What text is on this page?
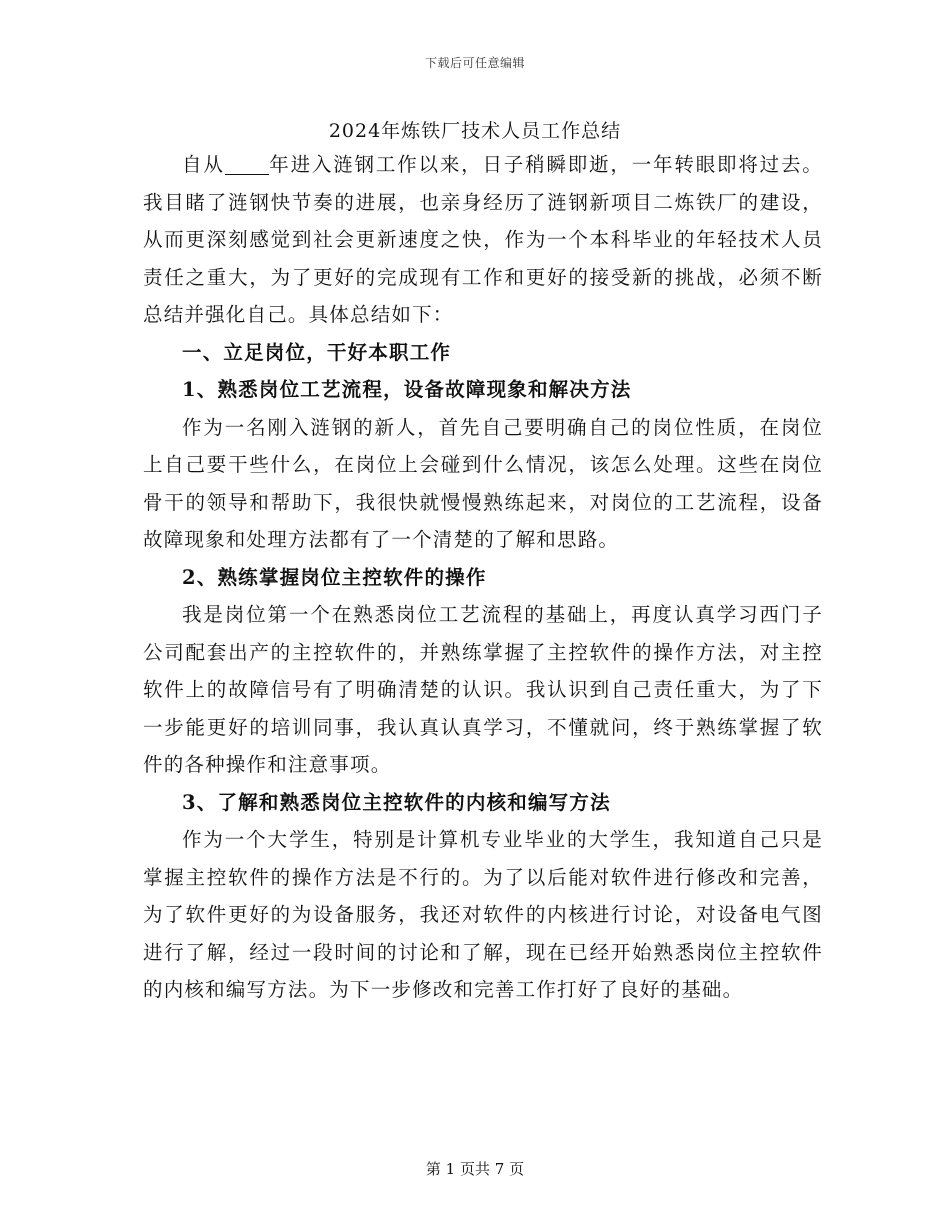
下载后可任意编辑
2024年炼铁厂技术人员工作总结

自从 年进入涟钢工作以来，日子稍瞬即逝，一年转眼即将过去。我目睹了涟钢快节奏的进展，也亲身经历了涟钢新项目二炼铁厂的建设，从而更深刻感觉到社会更新速度之快，作为一个本科毕业的年轻技术人员责任之重大，为了更好的完成现有工作和更好的接受新的挑战，必须不断总结并强化自己。具体总结如下：

一、立足岗位，干好本职工作

1、熟悉岗位工艺流程，设备故障现象和解决方法

作为一名刚入涟钢的新人，首先自己要明确自己的岗位性质，在岗位上自己要干些什么，在岗位上会碰到什么情况，该怎么处理。这些在岗位骨干的领导和帮助下，我很快就慢慢熟练起来，对岗位的工艺流程，设备故障现象和处理方法都有了一个清楚的了解和思路。

2、熟练掌握岗位主控软件的操作

我是岗位第一个在熟悉岗位工艺流程的基础上，再度认真学习西门子公司配套出产的主控软件的，并熟练掌握了主控软件的操作方法，对主控软件上的故障信号有了明确清楚的认识。我认识到自己责任重大，为了下一步能更好的培训同事，我认真认真学习，不懂就问，终于熟练掌握了软件的各种操作和注意事项。

3、了解和熟悉岗位主控软件的内核和编写方法

作为一个大学生，特别是计算机专业毕业的大学生，我知道自己只是掌握主控软件的操作方法是不行的。为了以后能对软件进行修改和完善，为了软件更好的为设备服务，我还对软件的内核进行讨论，对设备电气图进行了解，经过一段时间的讨论和了解，现在已经开始熟悉岗位主控软件的内核和编写方法。为下一步修改和完善工作打好了良好的基础。

第 1 页共 7 页
